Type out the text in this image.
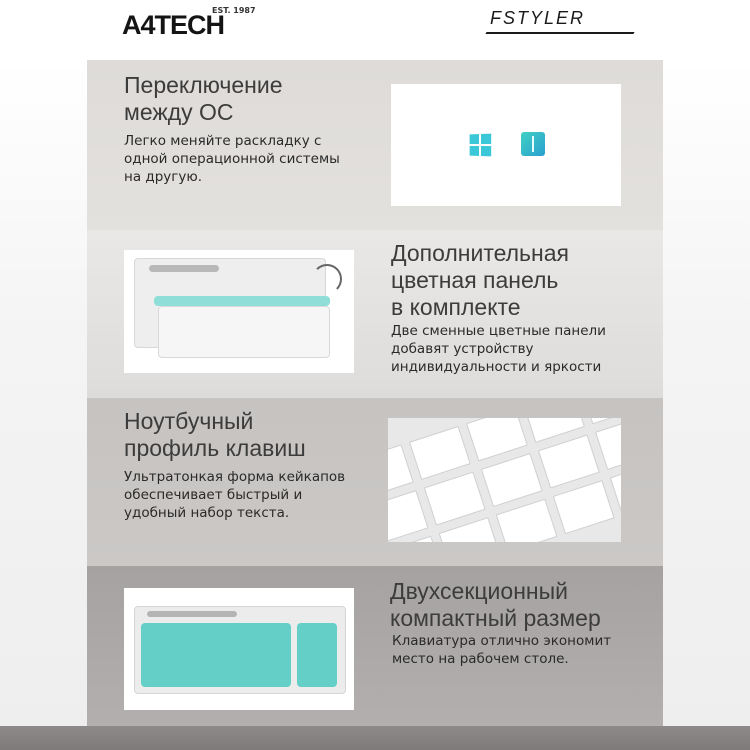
A4TECH
EST. 1987	FSTYLER
Переключение
между ОС
Легко меняйте раскладку с
одной операционной системы
на другую.
Дополнительная
цветная панель
в комплекте
Две сменные цветные панели
добавят устройству
индивидуальности и яркости
Ноутбучный
профиль клавиш
Ультратонкая форма кейкапов
обеспечивает быстрый и
удобный набор текста.
Двухсекционный
компактный размер
Клавиатура отлично экономит
место на рабочем столе.
